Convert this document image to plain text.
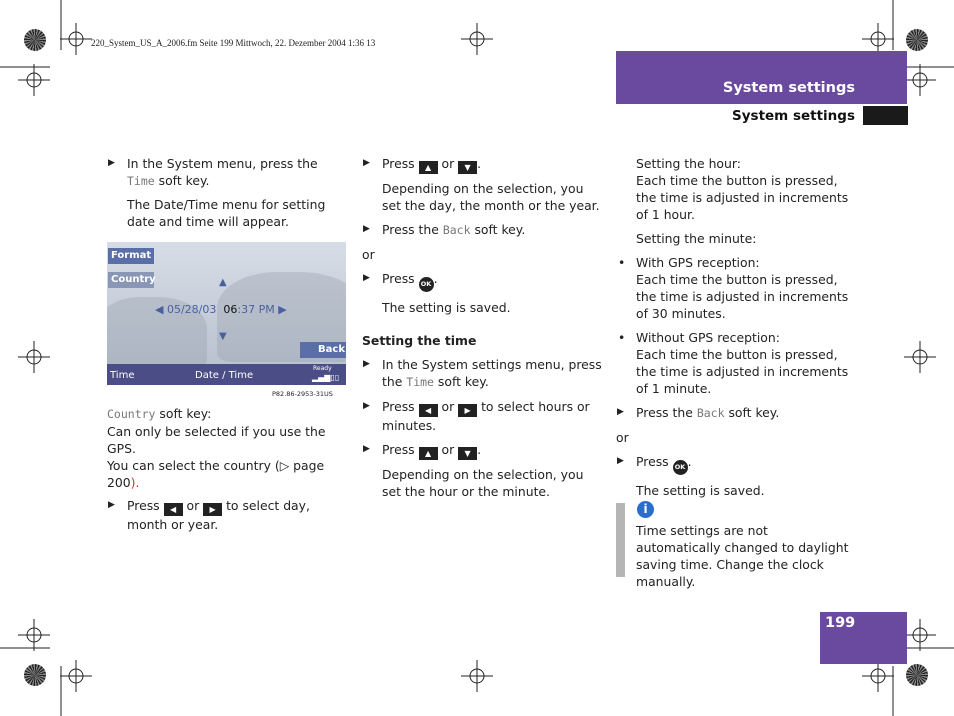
220_System_US_A_2006.fm Seite 199 Mittwoch, 22. Dezember 2004 1:36 13
System settings
System settings
▶ In the System menu, press the Time soft key.

The Date/Time menu for setting date and time will appear.

Format
Country	▲
◀ 05/28/03 06:37 PM ▶
▼
Back
Time	Date / Time
Ready
▂▄▆▯▯
P82.86-2953-31US

Country soft key:

Can only be selected if you use the GPS.

You can select the country (▷ page 200).

▶ Press ◀ or ▶ to select day, month or year.
▶ Press ▲ or ▼ .

Depending on the selection, you set the day, the month or the year.

▶ Press the Back soft key.

or

▶ Press OK .

The setting is saved.

Setting the time

▶ In the System settings menu, press the Time soft key.
▶ Press ◀ or ▶ to select hours or minutes.
▶ Press ▲ or ▼ .

Depending on the selection, you set the hour or the minute.

Setting the hour:

Each time the button is pressed, the time is adjusted in increments of 1 hour.

Setting the minute:

• With GPS reception:
Each time the button is pressed, the time is adjusted in increments of 30 minutes.
• Without GPS reception:
Each time the button is pressed, the time is adjusted in increments of 1 minute.
▶ Press the Back soft key.

or

▶ Press OK .

The setting is saved.

i
Time settings are not automatically changed to daylight saving time. Change the clock manually.
199
